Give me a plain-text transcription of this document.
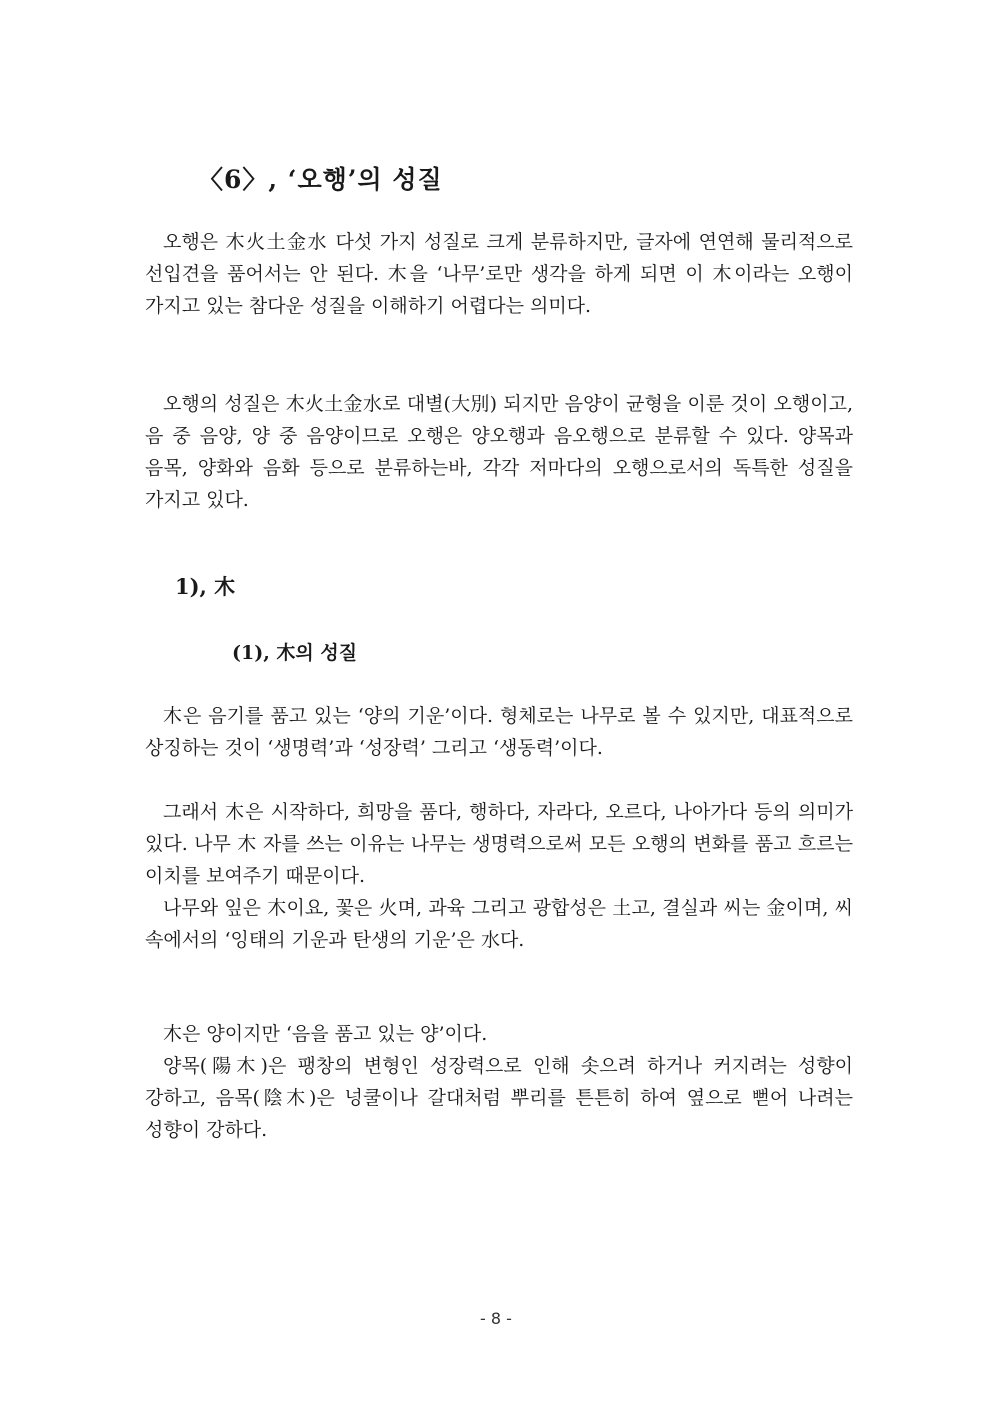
〈6〉, ‘오행’의 성질

오행은 木火土金水 다섯 가지 성질로 크게 분류하지만, 글자에 연연해 물리적으로 선입견을 품어서는 안 된다. 木을 ‘나무’로만 생각을 하게 되면 이 木이라는 오행이 가지고 있는 참다운 성질을 이해하기 어렵다는 의미다.

오행의 성질은 木火土金水로 대별(大別) 되지만 음양이 균형을 이룬 것이 오행이고, 음 중 음양, 양 중 음양이므로 오행은 양오행과 음오행으로 분류할 수 있다. 양목과 음목, 양화와 음화 등으로 분류하는바, 각각 저마다의 오행으로서의 독특한 성질을 가지고 있다.

1), 木
(1), 木의 성질

木은 음기를 품고 있는 ‘양의 기운’이다. 형체로는 나무로 볼 수 있지만, 대표적으로 상징하는 것이 ‘생명력’과 ‘성장력’ 그리고 ‘생동력’이다.

그래서 木은 시작하다, 희망을 품다, 행하다, 자라다, 오르다, 나아가다 등의 의미가 있다. 나무 木 자를 쓰는 이유는 나무는 생명력으로써 모든 오행의 변화를 품고 흐르는 이치를 보여주기 때문이다.

나무와 잎은 木이요, 꽃은 火며, 과육 그리고 광합성은 土고, 결실과 씨는 金이며, 씨 속에서의 ‘잉태의 기운과 탄생의 기운’은 水다.

木은 양이지만 ‘음을 품고 있는 양’이다.

양목(陽木)은 팽창의 변형인 성장력으로 인해 솟으려 하거나 커지려는 성향이 강하고, 음목(陰木)은 넝쿨이나 갈대처럼 뿌리를 튼튼히 하여 옆으로 뻗어 나려는 성향이 강하다.

- 8 -
